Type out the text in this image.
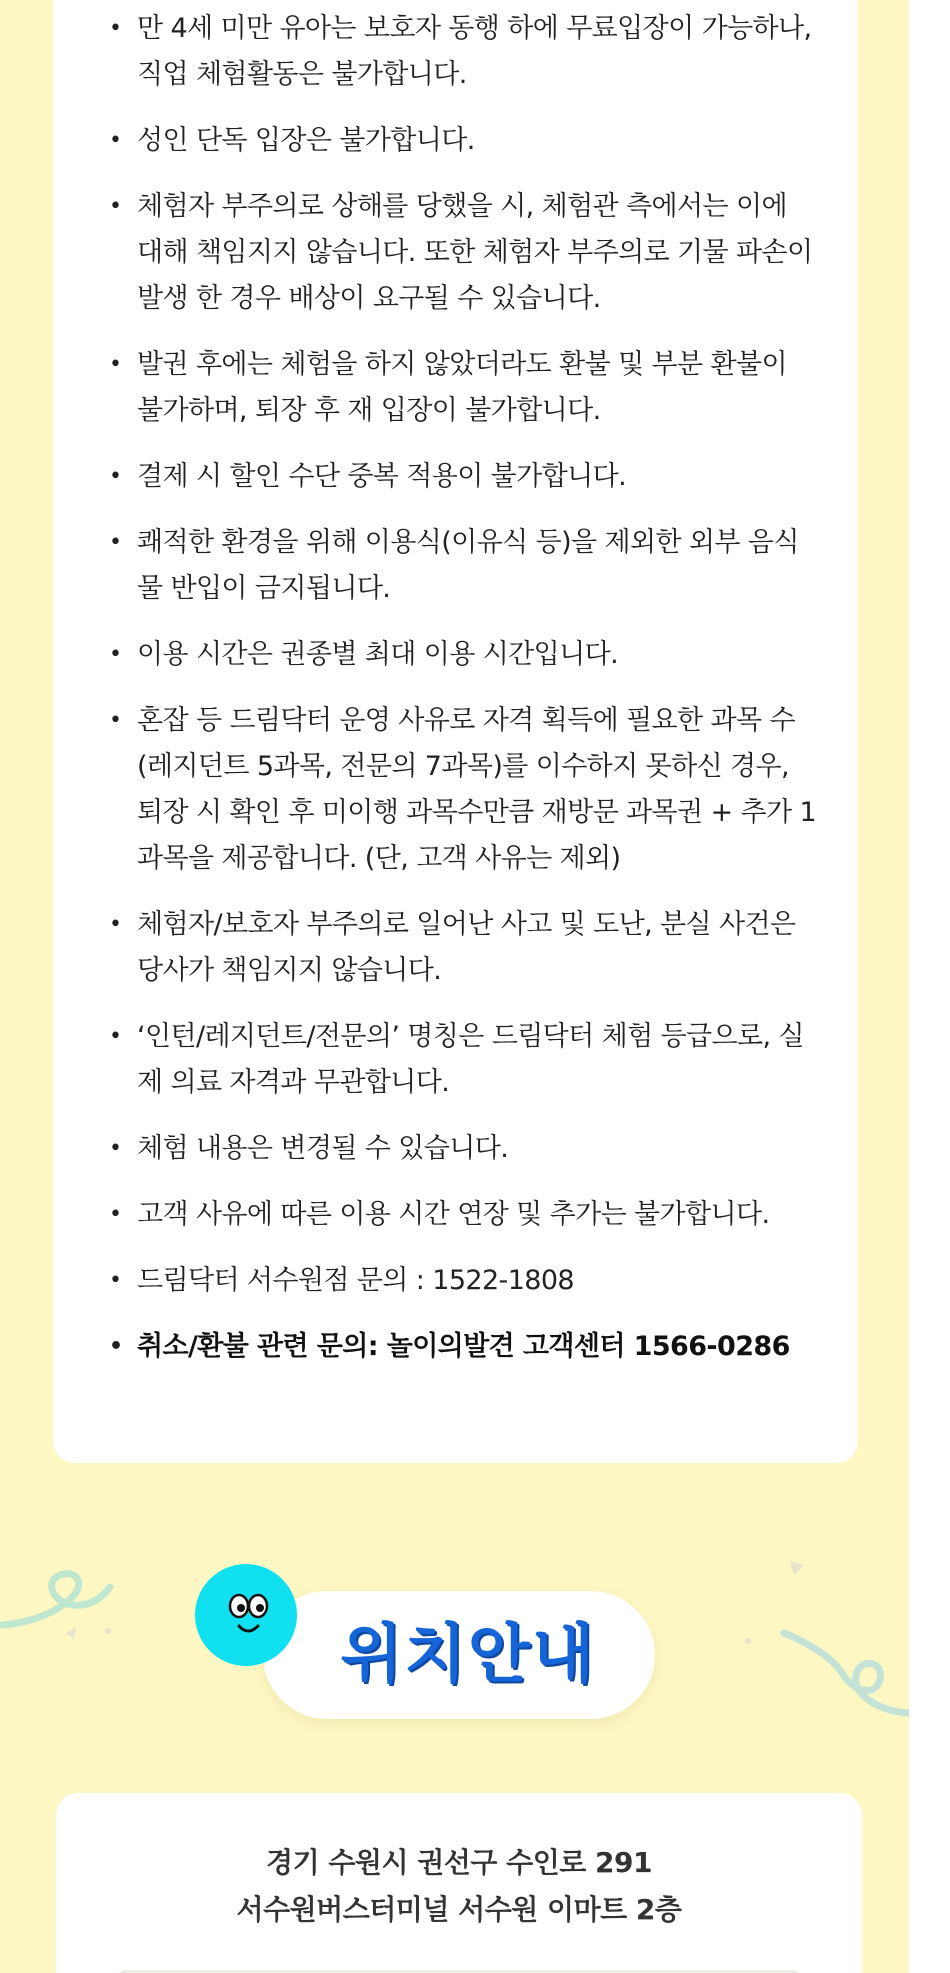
• 만 4세 미만 유아는 보호자 동행 하에 무료입장이 가능하나, 직업 체험활동은 불가합니다.
• 성인 단독 입장은 불가합니다.
• 체험자 부주의로 상해를 당했을 시, 체험관 측에서는 이에 대해 책임지지 않습니다. 또한 체험자 부주의로 기물 파손이 발생 한 경우 배상이 요구될 수 있습니다.
• 발권 후에는 체험을 하지 않았더라도 환불 및 부분 환불이 불가하며, 퇴장 후 재 입장이 불가합니다.
• 결제 시 할인 수단 중복 적용이 불가합니다.
• 쾌적한 환경을 위해 이용식(이유식 등)을 제외한 외부 음식물 반입이 금지됩니다.
• 이용 시간은 권종별 최대 이용 시간입니다.
• 혼잡 등 드림닥터 운영 사유로 자격 획득에 필요한 과목 수(레지던트 5과목, 전문의 7과목)를 이수하지 못하신 경우, 퇴장 시 확인 후 미이행 과목수만큼 재방문 과목권 + 추가 1과목을 제공합니다. (단, 고객 사유는 제외)
• 체험자/보호자 부주의로 일어난 사고 및 도난, 분실 사건은 당사가 책임지지 않습니다.
• ‘인턴/레지던트/전문의’ 명칭은 드림닥터 체험 등급으로, 실제 의료 자격과 무관합니다.
• 체험 내용은 변경될 수 있습니다.
• 고객 사유에 따른 이용 시간 연장 및 추가는 불가합니다.
• 드림닥터 서수원점 문의 : 1522-1808
• 취소/환불 관련 문의: 놀이의발견 고객센터 1566-0286
위치안내
경기 수원시 권선구 수인로 291
서수원버스터미널 서수원 이마트 2층
